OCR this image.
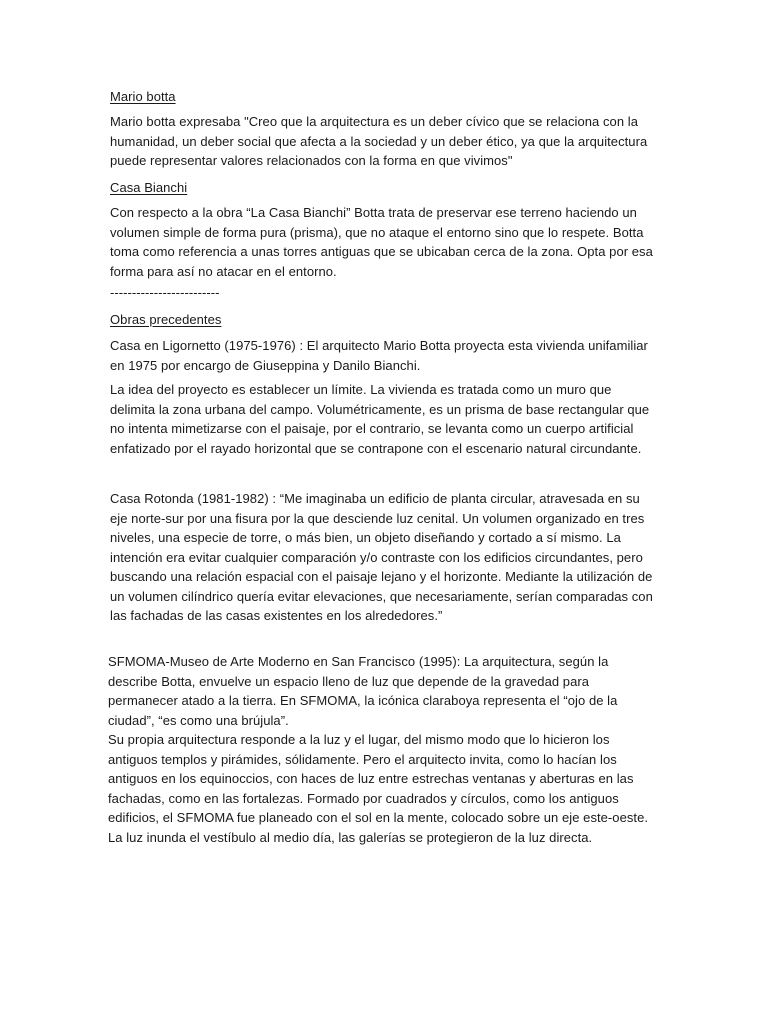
Mario botta

Mario botta expresaba "Creo que la arquitectura es un deber cívico que se relaciona con la humanidad, un deber social que afecta a la sociedad y un deber ético, ya que la arquitectura puede representar valores relacionados con la forma en que vivimos"

Casa Bianchi

Con respecto a la obra “La Casa Bianchi” Botta trata de preservar ese terreno haciendo un volumen simple de forma pura (prisma), que no ataque el entorno sino que lo respete. Botta toma como referencia a unas torres antiguas que se ubicaban cerca de la zona. Opta por esa forma para así no atacar en el entorno.

-------------------------

Obras precedentes

Casa en Ligornetto (1975-1976) : El arquitecto Mario Botta proyecta esta vivienda unifamiliar en 1975 por encargo de Giuseppina y Danilo Bianchi.

La idea del proyecto es establecer un límite. La vivienda es tratada como un muro que delimita la zona urbana del campo. Volumétricamente, es un prisma de base rectangular que no intenta mimetizarse con el paisaje, por el contrario, se levanta como un cuerpo artificial enfatizado por el rayado horizontal que se contrapone con el escenario natural circundante.

Casa Rotonda (1981-1982) : “Me imaginaba un edificio de planta circular, atravesada en su eje norte-sur por una fisura por la que desciende luz cenital. Un volumen organizado en tres niveles, una especie de torre, o más bien, un objeto diseñando y cortado a sí mismo. La intención era evitar cualquier comparación y/o contraste con los edificios circundantes, pero buscando una relación espacial con el paisaje lejano y el horizonte. Mediante la utilización de un volumen cilíndrico quería evitar elevaciones, que necesariamente, serían comparadas con las fachadas de las casas existentes en los alrededores.”

SFMOMA-Museo de Arte Moderno en San Francisco (1995): La arquitectura, según la describe Botta, envuelve un espacio lleno de luz que depende de la gravedad para permanecer atado a la tierra. En SFMOMA, la icónica claraboya representa el “ojo de la ciudad”, “es como una brújula”.

Su propia arquitectura responde a la luz y el lugar, del mismo modo que lo hicieron los antiguos templos y pirámides, sólidamente. Pero el arquitecto invita, como lo hacían los antiguos en los equinoccios, con haces de luz entre estrechas ventanas y aberturas en las fachadas, como en las fortalezas. Formado por cuadrados y círculos, como los antiguos edificios, el SFMOMA fue planeado con el sol en la mente, colocado sobre un eje este-oeste. La luz inunda el vestíbulo al medio día, las galerías se protegieron de la luz directa.
